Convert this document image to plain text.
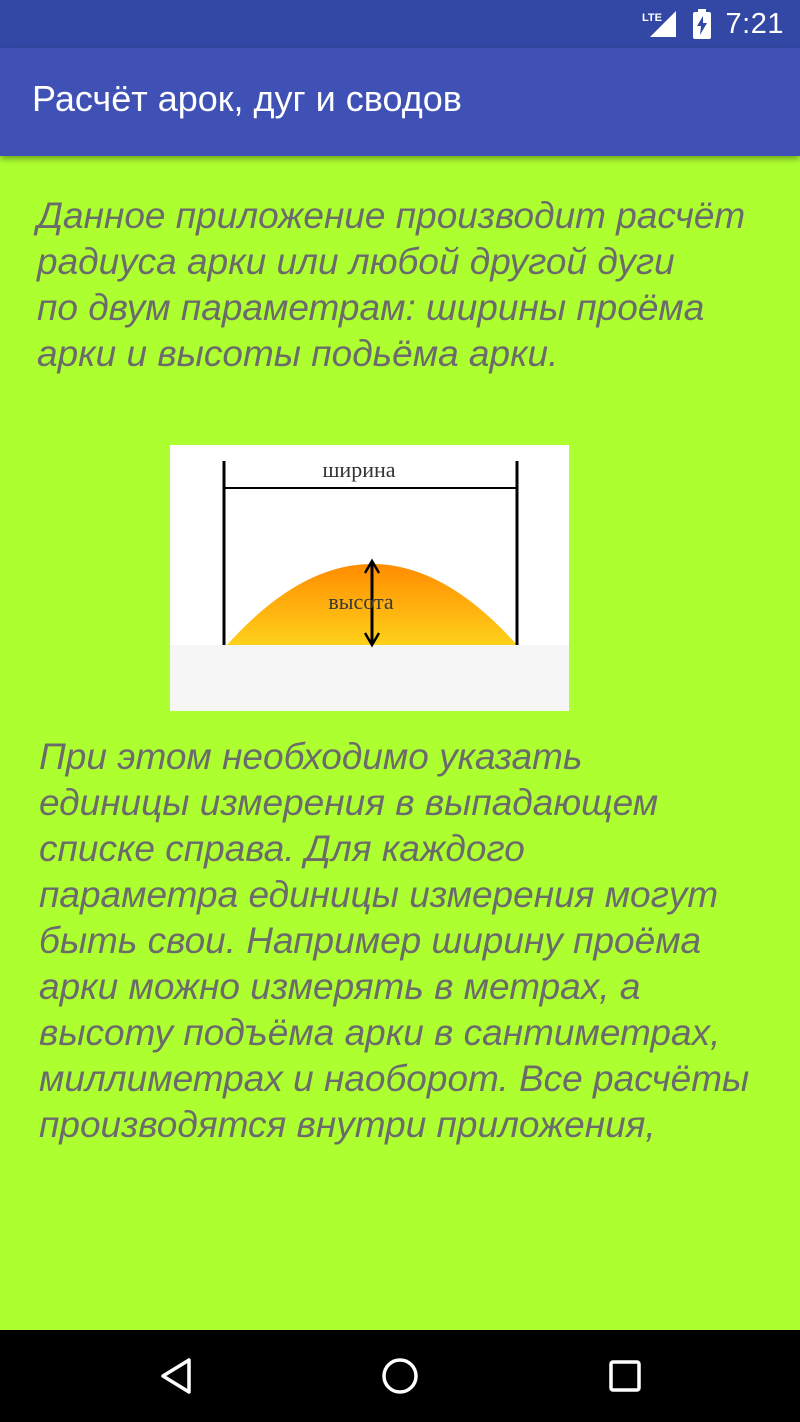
LTE 7:21
Расчёт арок, дуг и сводов
Данное приложение производит расчёт
радиуса арки или любой другой дуги
по двум параметрам: ширины проёма
арки и высоты подьёма арки.
ширина
высота
При этом необходимо указать
единицы измерения в выпадающем
списке справа. Для каждого
параметра единицы измерения могут
быть свои. Например ширину проёма
арки можно измерять в метрах, а
высоту подъёма арки в сантиметрах,
миллиметрах и наоборот. Все расчёты
производятся внутри приложения,
